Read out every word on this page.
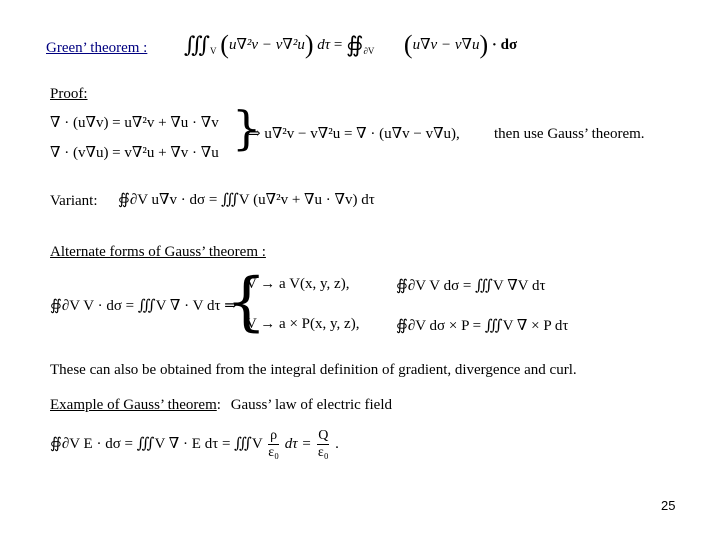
Green’ theorem : $∭_V$ (u∇²v − v∇²u) $d\tau = ∯_{\partial V}$ (u∇v − v∇u) · dσ
Proof:
∇ · (u∇v) = u∇²v + ∇u · ∇v
∇ · (v∇u) = v∇²u + ∇v · ∇u }
⇒ u∇²v − v∇²u = ∇ · (u∇v − v∇u), then use Gauss’ theorem.
Variant: ∯∂V u∇v · dσ = ∭V (u∇²v + ∇u · ∇v) dτ
Alternate forms of Gauss’ theorem :
∯∂V V · dσ = ∭V ∇ · V dτ ⇒
{
V → a V(x, y, z),
V → a × P(x, y, z),
∯∂V V dσ = ∭V ∇V dτ
∯∂V dσ × P = ∭V ∇ × P dτ
These can also be obtained from the integral definition of gradient, divergence and curl.
Example of Gauss’ theorem: Gauss’ law of electric field
∯∂V E · dσ = ∭V ∇ · E dτ = ∭V $\frac{\rho}{\text{ε₀}}$ $d\tau = \frac{Q}{\text{ε₀}}$ .
25
